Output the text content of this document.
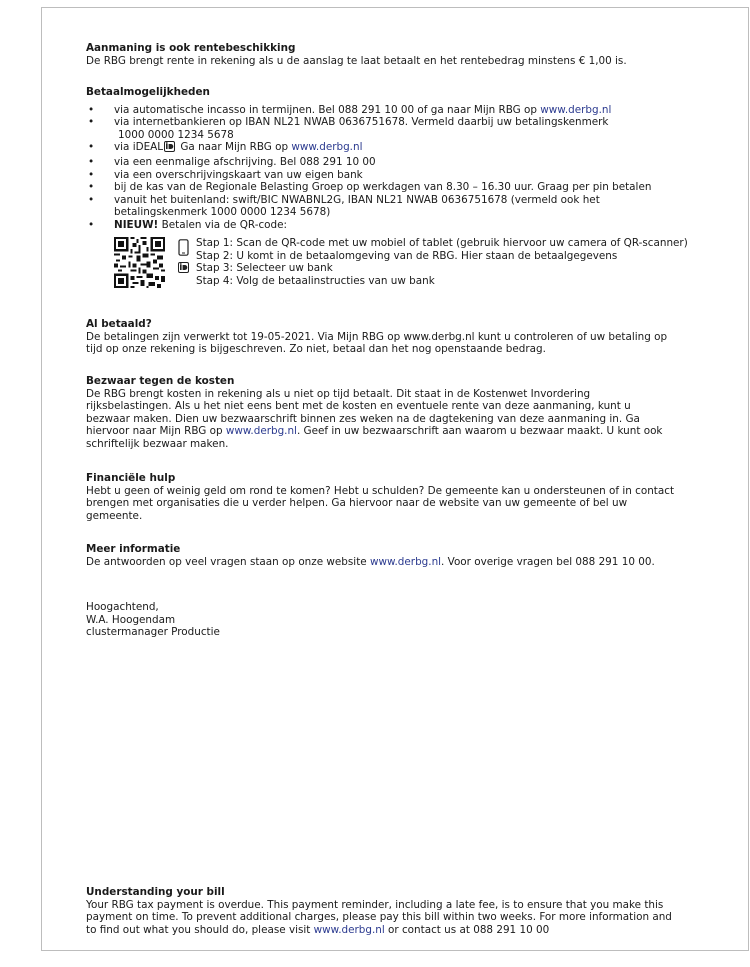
Aanmaning is ook rentebeschikking

De RBG brengt rente in rekening als u de aanslag te laat betaalt en het rentebedrag minstens € 1,00 is.

Betaalmogelijkheden

• via automatische incasso in termijnen. Bel 088 291 10 00 of ga naar Mijn RBG op www.derbg.nl
• via internetbankieren op IBAN NL21 NWAB 0636751678. Vermeld daarbij uw betalingskenmerk
1000 0000 1234 5678
• via iDEAL Ga naar Mijn RBG op www.derbg.nl
• via een eenmalige afschrijving. Bel 088 291 10 00
• via een overschrijvingskaart van uw eigen bank
• bij de kas van de Regionale Belasting Groep op werkdagen van 8.30 – 16.30 uur. Graag per pin betalen
• vanuit het buitenland: swift/BIC NWABNL2G, IBAN NL21 NWAB 0636751678 (vermeld ook het
betalingskenmerk 1000 0000 1234 5678)
• NIEUW! Betalen via de QR-code:
Stap 1: Scan de QR-code met uw mobiel of tablet (gebruik hiervoor uw camera of QR-scanner)
Stap 2: U komt in de betaalomgeving van de RBG. Hier staan de betaalgegevens
Stap 3: Selecteer uw bank
Stap 4: Volg de betaalinstructies van uw bank

Al betaald?

De betalingen zijn verwerkt tot 19-05-2021. Via Mijn RBG op www.derbg.nl kunt u controleren of uw betaling op

tijd op onze rekening is bijgeschreven. Zo niet, betaal dan het nog openstaande bedrag.

Bezwaar tegen de kosten

De RBG brengt kosten in rekening als u niet op tijd betaalt. Dit staat in de Kostenwet Invordering

rijksbelastingen. Als u het niet eens bent met de kosten en eventuele rente van deze aanmaning, kunt u

bezwaar maken. Dien uw bezwaarschrift binnen zes weken na de dagtekening van deze aanmaning in. Ga

hiervoor naar Mijn RBG op www.derbg.nl. Geef in uw bezwaarschrift aan waarom u bezwaar maakt. U kunt ook

schriftelijk bezwaar maken.

Financiële hulp

Hebt u geen of weinig geld om rond te komen? Hebt u schulden? De gemeente kan u ondersteunen of in contact

brengen met organisaties die u verder helpen. Ga hiervoor naar de website van uw gemeente of bel uw

gemeente.

Meer informatie

De antwoorden op veel vragen staan op onze website www.derbg.nl. Voor overige vragen bel 088 291 10 00.

Hoogachtend,

W.A. Hoogendam

clustermanager Productie

Understanding your bill

Your RBG tax payment is overdue. This payment reminder, including a late fee, is to ensure that you make this

payment on time. To prevent additional charges, please pay this bill within two weeks. For more information and

to find out what you should do, please visit www.derbg.nl or contact us at 088 291 10 00
